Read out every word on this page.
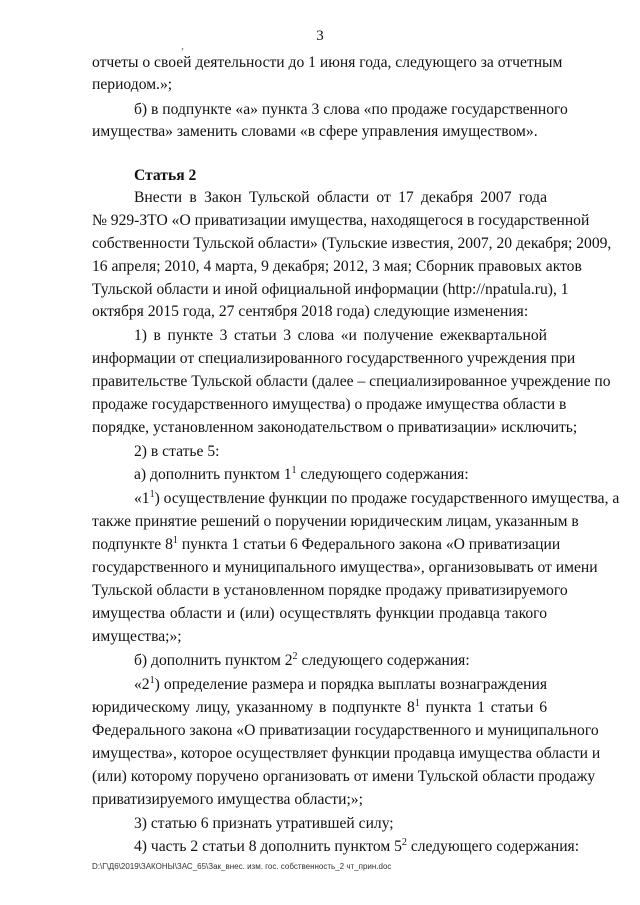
,
3
отчеты о своей деятельности до 1 июня года, следующего за отчетным
периодом.»;
б) в подпункте «а» пункта 3 слова «по продаже государственного
имущества» заменить словами «в сфере управления имуществом».
Статья 2
Внести в Закон Тульской области от 17 декабря 2007 года
№ 929-ЗТО «О приватизации имущества, находящегося в государственной
собственности Тульской области» (Тульские известия, 2007, 20 декабря; 2009,
16 апреля; 2010, 4 марта, 9 декабря; 2012, 3 мая; Сборник правовых актов
Тульской области и иной официальной информации (http://npatula.ru), 1
октября 2015 года, 27 сентября 2018 года) следующие изменения:
1) в пункте 3 статьи 3 слова «и получение ежеквартальной
информации от специализированного государственного учреждения при
правительстве Тульской области (далее – специализированное учреждение по
продаже государственного имущества) о продаже имущества области в
порядке, установленном законодательством о приватизации» исключить;
2) в статье 5:
а) дополнить пунктом $1^1$ следующего содержания:
«$1^1$) осуществление функции по продаже государственного имущества, а
также принятие решений о поручении юридическим лицам, указанным в
подпункте $8^1$ пункта 1 статьи 6 Федерального закона «О приватизации
государственного и муниципального имущества», организовывать от имени
Тульской области в установленном порядке продажу приватизируемого
имущества области и (или) осуществлять функции продавца такого
имущества;»;
б) дополнить пунктом $2^2$ следующего содержания:
«$2^1$) определение размера и порядка выплаты вознаграждения
юридическому лицу, указанному в подпункте $8^1$ пункта 1 статьи 6
Федерального закона «О приватизации государственного и муниципального
имущества», которое осуществляет функции продавца имущества области и
(или) которому поручено организовать от имени Тульской области продажу
приватизируемого имущества области;»;
3) статью 6 признать утратившей силу;
4) часть 2 статьи 8 дополнить пунктом $5^2$ следующего содержания:
D:\Г\Д6\2019\ЗАКОНЫ\ЗАС_65\Зак_внес. изм. гос. собственность_2 чт_прин.doc
